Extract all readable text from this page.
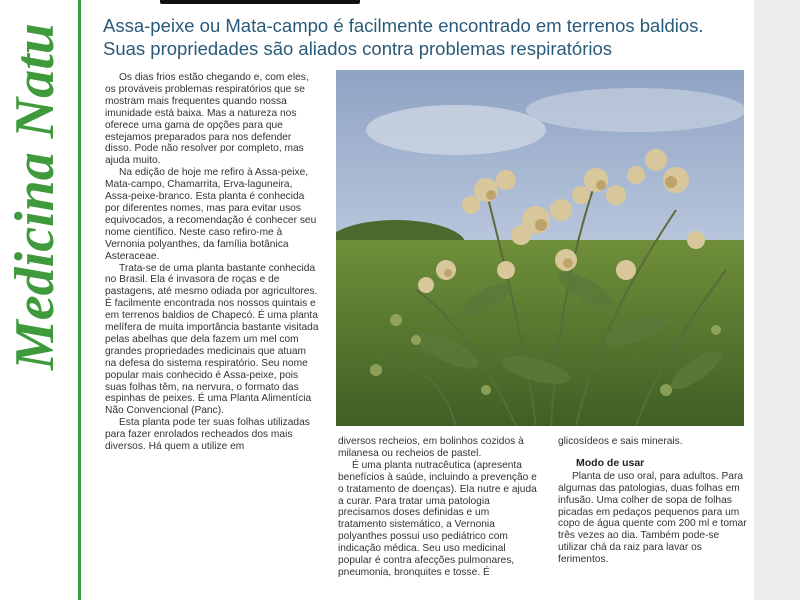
Medicina Natu Assa-peixe ou Mata-campo é facilmente encontrado em terrenos baldios.
Suas propriedades são aliados contra problemas respiratórios

Os dias frios estão chegando e, com eles, os prováveis problemas respiratórios que se mostram mais frequentes quando nossa imunidade está baixa. Mas a natureza nos oferece uma gama de opções para que estejamos preparados para nos defender disso. Pode não resolver por completo, mas ajuda muito.

Na edição de hoje me refiro à Assa-peixe, Mata-campo, Chamarrita, Erva-laguneira, Assa-peixe-branco. Esta planta é conhecida por diferentes nomes, mas para evitar usos equivocados, a recomendação é conhecer seu nome científico. Neste caso refiro-me à Vernonia polyanthes, da família botânica Asteraceae.

Trata-se de uma planta bastante conhecida no Brasil. Ela é invasora de roças e de pastagens, até mesmo odiada por agricultores. É facilmente encontrada nos nossos quintais e em terrenos baldios de Chapecó. É uma planta melífera de muita importância bastante visitada pelas abelhas que dela fazem um mel com grandes propriedades medicinais que atuam na defesa do sistema respiratório. Seu nome popular mais conhecido é Assa-peixe, pois suas folhas têm, na nervura, o formato das espinhas de peixes. É uma Planta Alimentícia Não Convencional (Panc).

Esta planta pode ter suas folhas utilizadas para fazer enrolados recheados dos mais diversos. Há quem a utilize em	diversos recheios, em bolinhos cozidos à milanesa ou recheios de pastel.

É uma planta nutracêutica (apresenta benefícios à saúde, incluindo a prevenção e o tratamento de doenças). Ela nutre e ajuda a curar. Para tratar uma patologia precisamos doses definidas e um tratamento sistemático, a Vernonia polyanthes possui uso pediátrico com indicação médica. Seu uso medicinal popular é contra afecções pulmonares, pneumonia, bronquites e tosse. É

glicosídeos e sais minerais.

Modo de usar

Planta de uso oral, para adultos. Para algumas das patologias, duas folhas em infusão. Uma colher de sopa de folhas picadas em pedaços pequenos para um copo de água quente com 200 ml e tomar três vezes ao dia. Também pode-se utilizar chá da raiz para lavar os ferimentos.
